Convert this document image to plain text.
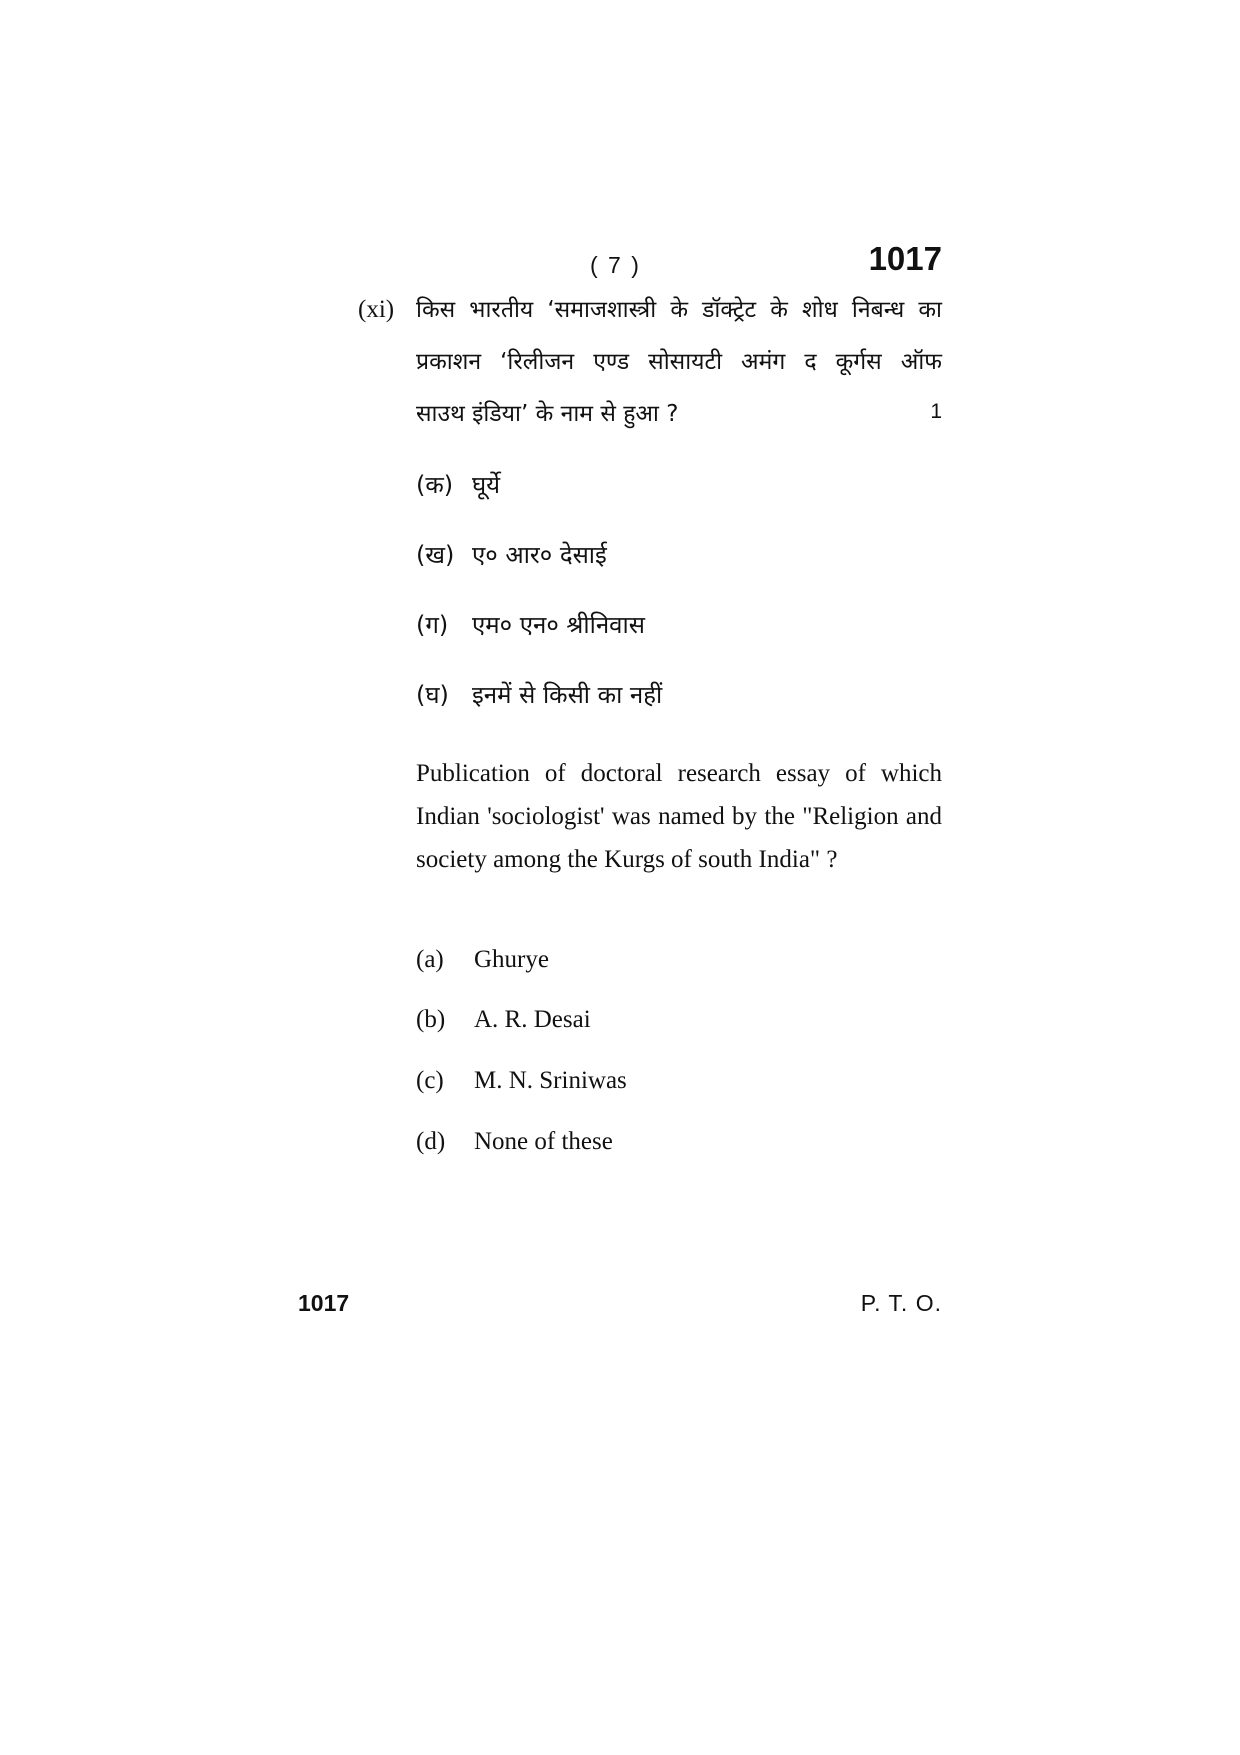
( 7 )	1017
(xi) किस भारतीय ‘समाजशास्त्री के डॉक्ट्रेट के शोध निबन्ध का
प्रकाशन ‘रिलीजन एण्ड सोसायटी अमंग द कूर्गस ऑफ
साउथ इंडिया’ के नाम से हुआ ?	1
(क) घूर्ये
(ख) ए० आर० देसाई
(ग) एम० एन० श्रीनिवास
(घ) इनमें से किसी का नहीं
Publication of doctoral research essay of which Indian 'sociologist' was named by the "Religion and society among the Kurgs of south India" ?
(a)	Ghurye
(b)	A. R. Desai
(c)	M. N. Sriniwas
(d)	None of these
1017	P. T. O.
